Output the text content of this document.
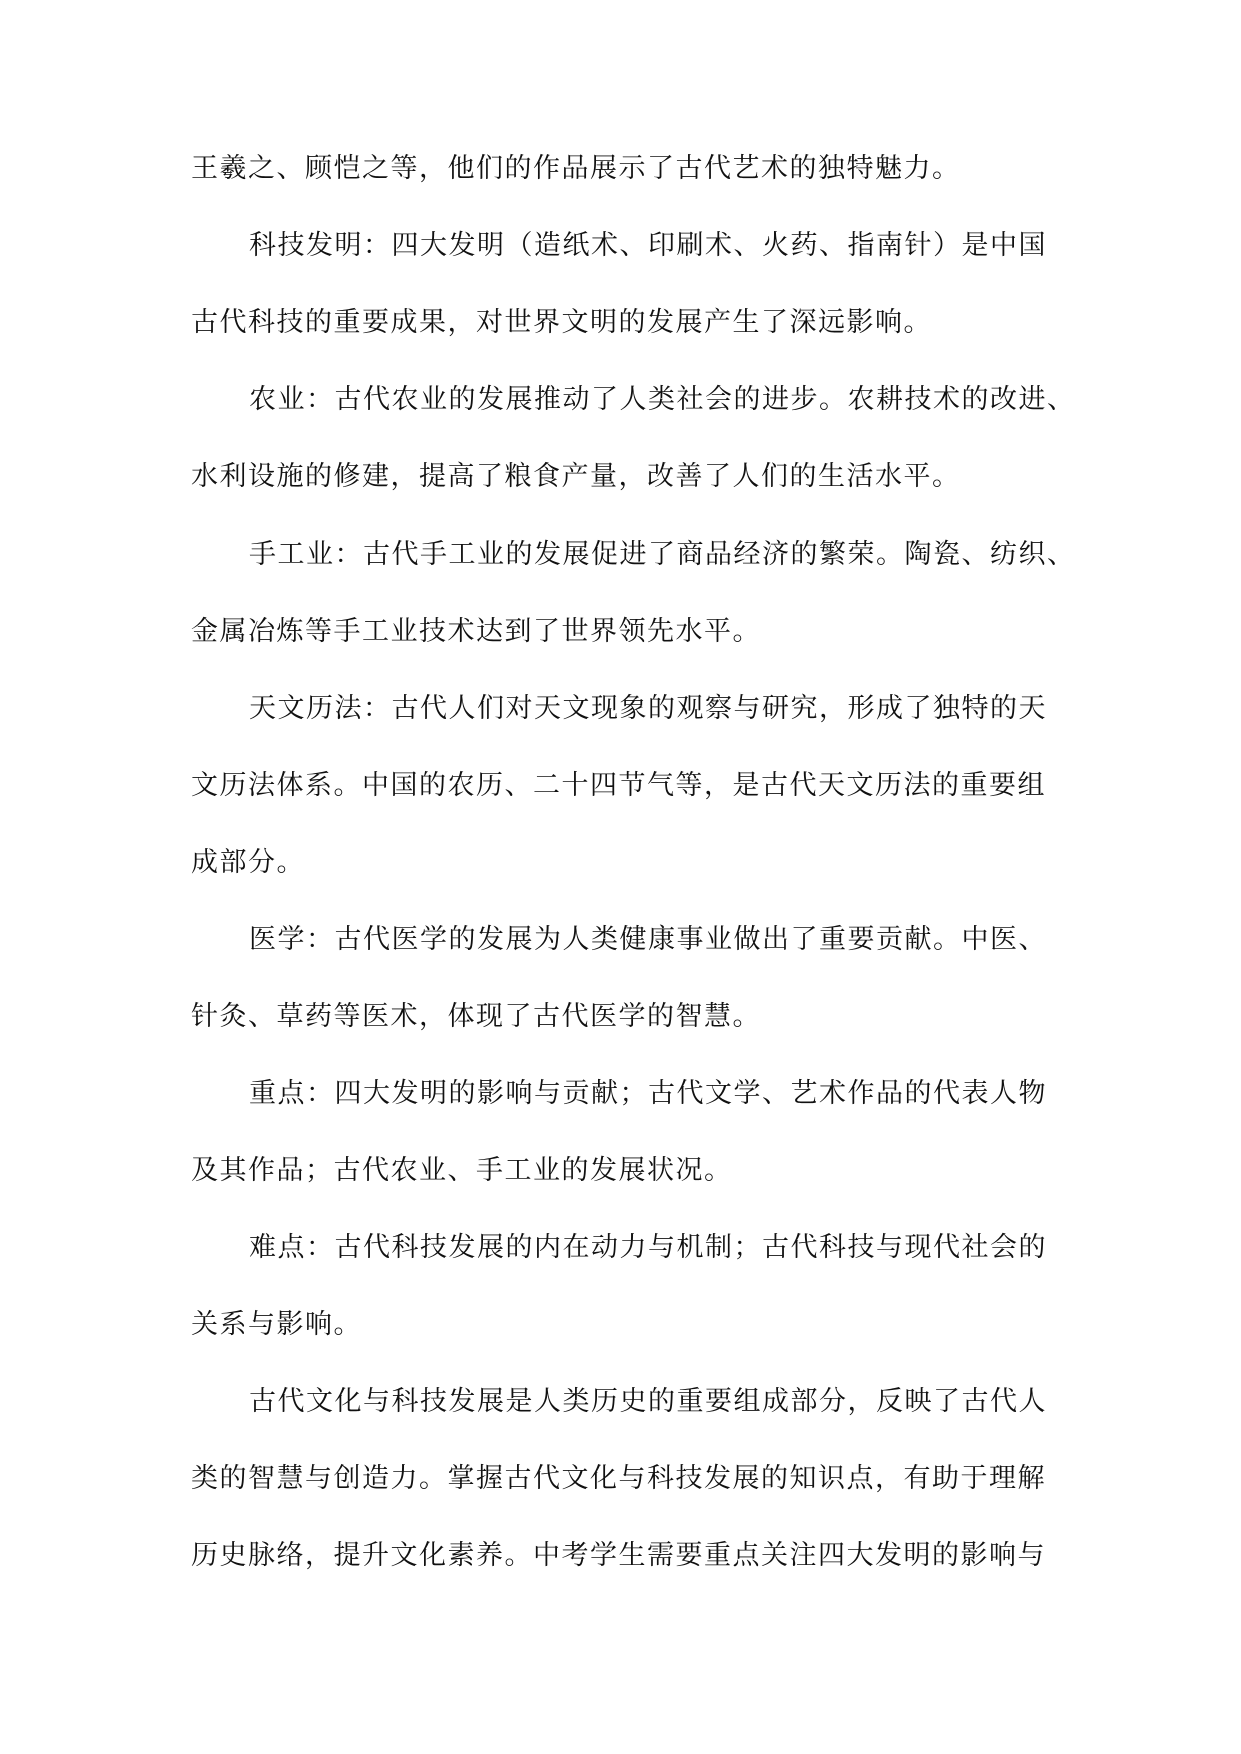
王羲之、顾恺之等，他们的作品展示了古代艺术的独特魅力。
科技发明：四大发明（造纸术、印刷术、火药、指南针）是中国
古代科技的重要成果，对世界文明的发展产生了深远影响。
农业：古代农业的发展推动了人类社会的进步。农耕技术的改进、
水利设施的修建，提高了粮食产量，改善了人们的生活水平。
手工业：古代手工业的发展促进了商品经济的繁荣。陶瓷、纺织、
金属冶炼等手工业技术达到了世界领先水平。
天文历法：古代人们对天文现象的观察与研究，形成了独特的天
文历法体系。中国的农历、二十四节气等，是古代天文历法的重要组
成部分。
医学：古代医学的发展为人类健康事业做出了重要贡献。中医、
针灸、草药等医术，体现了古代医学的智慧。
重点：四大发明的影响与贡献；古代文学、艺术作品的代表人物
及其作品；古代农业、手工业的发展状况。
难点：古代科技发展的内在动力与机制；古代科技与现代社会的
关系与影响。
古代文化与科技发展是人类历史的重要组成部分，反映了古代人
类的智慧与创造力。掌握古代文化与科技发展的知识点，有助于理解
历史脉络，提升文化素养。中考学生需要重点关注四大发明的影响与
